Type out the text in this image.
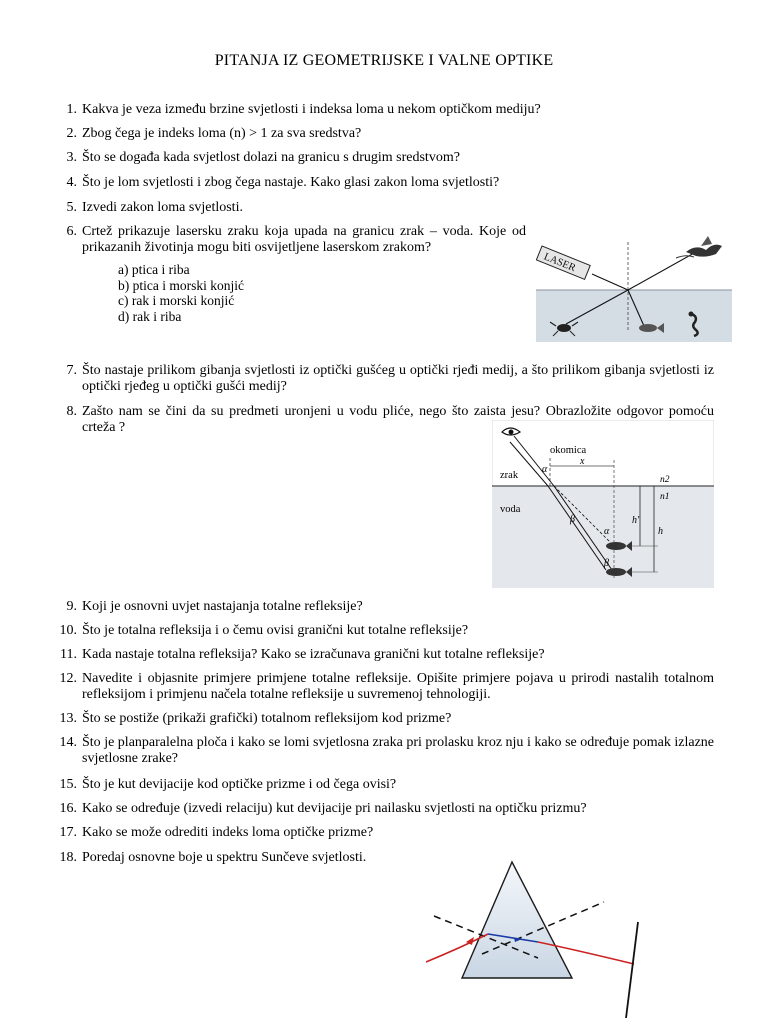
PITANJA IZ GEOMETRIJSKE I VALNE OPTIKE
1. Kakva je veza između brzine svjetlosti i indeksa loma u nekom optičkom mediju?
2. Zbog čega je indeks loma (n) > 1 za sva sredstva?
3. Što se događa kada svjetlost dolazi na granicu s drugim sredstvom?
4. Što je lom svjetlosti i zbog čega nastaje. Kako glasi zakon loma svjetlosti?
5. Izvedi zakon loma svjetlosti.
6. Crtež prikazuje lasersku zraku koja upada na granicu zrak – voda. Koje od prikazanih životinja mogu biti osvijetljene laserskom zrakom?
a) ptica i riba
b) ptica i morski konjić
c) rak i morski konjić
d) rak i riba
LASER
7. Što nastaje prilikom gibanja svjetlosti iz optički gušćeg u optički rjeđi medij, a što prilikom gibanja svjetlosti iz optički rjeđeg u optički gušći medij?
8. Zašto nam se čini da su predmeti uronjeni u vodu pliće, nego što zaista jesu? Obrazložite odgovor pomoću crteža ?
okomica
zrak
voda
n2
n1
x
α
β
α
β
h'
h
9. Koji je osnovni uvjet nastajanja totalne refleksije?
10. Što je totalna refleksija i o čemu ovisi granični kut totalne refleksije?
11. Kada nastaje totalna refleksija? Kako se izračunava granični kut totalne refleksije?
12. Navedite i objasnite primjere primjene totalne refleksije. Opišite primjere pojava u prirodi nastalih totalnom refleksijom i primjenu načela totalne refleksije u suvremenoj tehnologiji.
13. Što se postiže (prikaži grafički) totalnom refleksijom kod prizme?
14. Što je planparalelna ploča i kako se lomi svjetlosna zraka pri prolasku kroz nju i kako se određuje pomak izlazne svjetlosne zrake?
15. Što je kut devijacije kod optičke prizme i od čega ovisi?
16. Kako se određuje (izvedi relaciju) kut devijacije pri nailasku svjetlosti na optičku prizmu?
17. Kako se može odrediti indeks loma optičke prizme?
18. Poredaj osnovne boje u spektru Sunčeve svjetlosti.
